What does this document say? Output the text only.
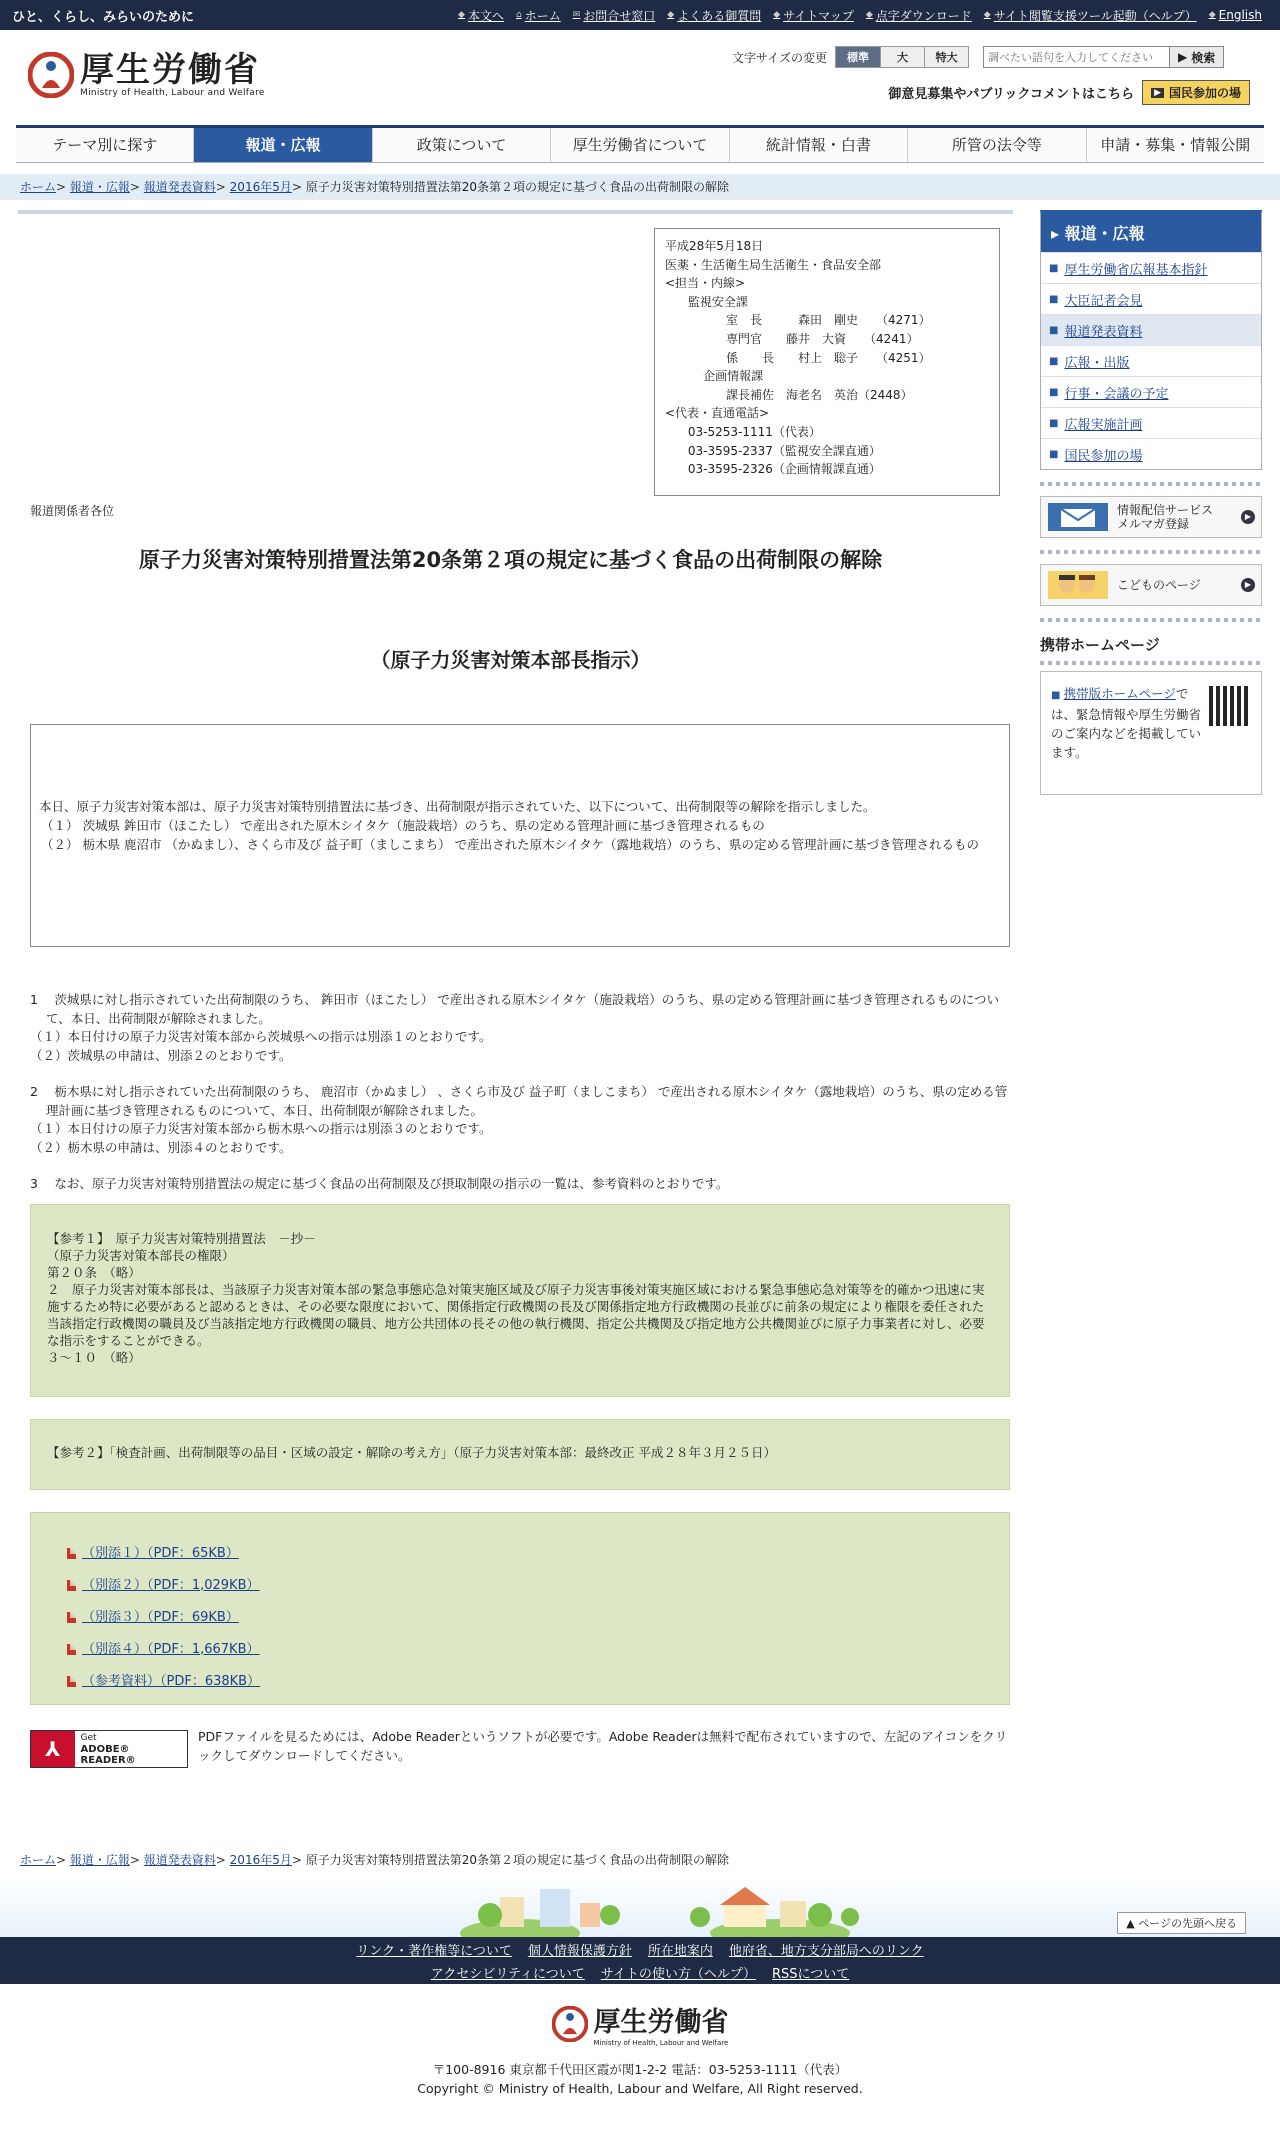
ひと、くらし、みらいのために	◆ 本文へ ⌂ ホーム ✉ お問合せ窓口 ◆ よくある御質問 ◆ サイトマップ ◆ 点字ダウンロード ◆ サイト閲覧支援ツール起動（ヘルプ） ◆ English
厚生労働省
Ministry of Health, Labour and Welfare
文字サイズの変更	標準	大	特大
調べたい語句を入力してください	▶ 検索
御意見募集やパブリックコメントはこちら	▶ 国民参加の場
テーマ別に探す	報道・広報	政策について	厚生労働省について	統計情報・白書	所管の法令等	申請・募集・情報公開
ホーム> 報道・広報> 報道発表資料> 2016年5月> 原子力災害対策特別措置法第20条第２項の規定に基づく食品の出荷制限の解除
平成28年5月18日
医薬・生活衛生局生活衛生・食品安全部
<担当・内線>
監視安全課
室　長　　　森田　剛史　　（4271）
専門官　　藤井　大資　　（4241）
係　　長　　村上　聡子　　（4251）
企画情報課
課長補佐　海老名　英治（2448）
<代表・直通電話>
03-5253-1111（代表）
03-3595-2337（監視安全課直通）
03-3595-2326（企画情報課直通）
報道関係者各位
原子力災害対策特別措置法第20条第２項の規定に基づく食品の出荷制限の解除
（原子力災害対策本部長指示）

本日、原子力災害対策本部は、原子力災害対策特別措置法に基づき、出荷制限が指示されていた、以下について、出荷制限等の解除を指示しました。

（１） 茨城県 鉾田市（ほこたし） で産出された原木シイタケ（施設栽培）のうち、県の定める管理計画に基づき管理されるもの

（２） 栃木県 鹿沼市 （かぬまし）、さくら市及び 益子町（ましこまち） で産出された原木シイタケ（露地栽培）のうち、県の定める管理計画に基づき管理されるもの

1　 茨城県に対し指示されていた出荷制限のうち、 鉾田市（ほこたし） で産出される原木シイタケ（施設栽培）のうち、県の定める管理計画に基づき管理されるものについて、本日、出荷制限が解除されました。

（１）本日付けの原子力災害対策本部から茨城県への指示は別添１のとおりです。

（２）茨城県の申請は、別添２のとおりです。

2　 栃木県に対し指示されていた出荷制限のうち、 鹿沼市（かぬまし） 、さくら市及び 益子町（ましこまち） で産出される原木シイタケ（露地栽培）のうち、県の定める管理計画に基づき管理されるものについて、本日、出荷制限が解除されました。

（１）本日付けの原子力災害対策本部から栃木県への指示は別添３のとおりです。

（２）栃木県の申請は、別添４のとおりです。

3　 なお、原子力災害対策特別措置法の規定に基づく食品の出荷制限及び摂取制限の指示の一覧は、参考資料のとおりです。

【参考１】　原子力災害対策特別措置法　－抄－

（原子力災害対策本部長の権限）

第２０条　（略）

２　原子力災害対策本部長は、当該原子力災害対策本部の緊急事態応急対策実施区域及び原子力災害事後対策実施区域における緊急事態応急対策等を的確かつ迅速に実施するため特に必要があると認めるときは、その必要な限度において、関係指定行政機関の長及び関係指定地方行政機関の長並びに前条の規定により権限を委任された当該指定行政機関の職員及び当該指定地方行政機関の職員、地方公共団体の長その他の執行機関、指定公共機関及び指定地方公共機関並びに原子力事業者に対し、必要な指示をすることができる。

３～１０　（略）

【参考２】「検査計画、出荷制限等の品目・区域の設定・解除の考え方」（原子力災害対策本部：最終改正 平成２８年３月２５日）

（別添１）（PDF：65KB）
（別添２）（PDF：1,029KB）
（別添３）（PDF：69KB）
（別添４）（PDF：1,667KB）
（参考資料）（PDF：638KB）
⅄	Get
ADOBE® READER®

PDFファイルを見るためには、Adobe Readerというソフトが必要です。Adobe Readerは無料で配布されていますので、左記のアイコンをクリックしてダウンロードしてください。

▸ 報道・広報
■ 厚生労働省広報基本指針
■ 大臣記者会見
■ 報道発表資料
■ 広報・出版
■ 行事・会議の予定
■ 広報実施計画
■ 国民参加の場
情報配信サービス
メルマガ登録
▶
こどものページ	▶
携帯ホームページ
■ 携帯版ホームページでは、緊急情報や厚生労働省のご案内などを掲載しています。
ホーム> 報道・広報> 報道発表資料> 2016年5月> 原子力災害対策特別措置法第20条第２項の規定に基づく食品の出荷制限の解除
▲ ページの先頭へ戻る
リンク・著作権等について 個人情報保護方針 所在地案内 他府省、地方支分部局へのリンク
アクセシビリティについて サイトの使い方（ヘルプ） RSSについて
厚生労働省
Ministry of Health, Labour and Welfare

〒100-8916 東京都千代田区霞が関1-2-2 電話：03-5253-1111（代表）

Copyright © Ministry of Health, Labour and Welfare, All Right reserved.
